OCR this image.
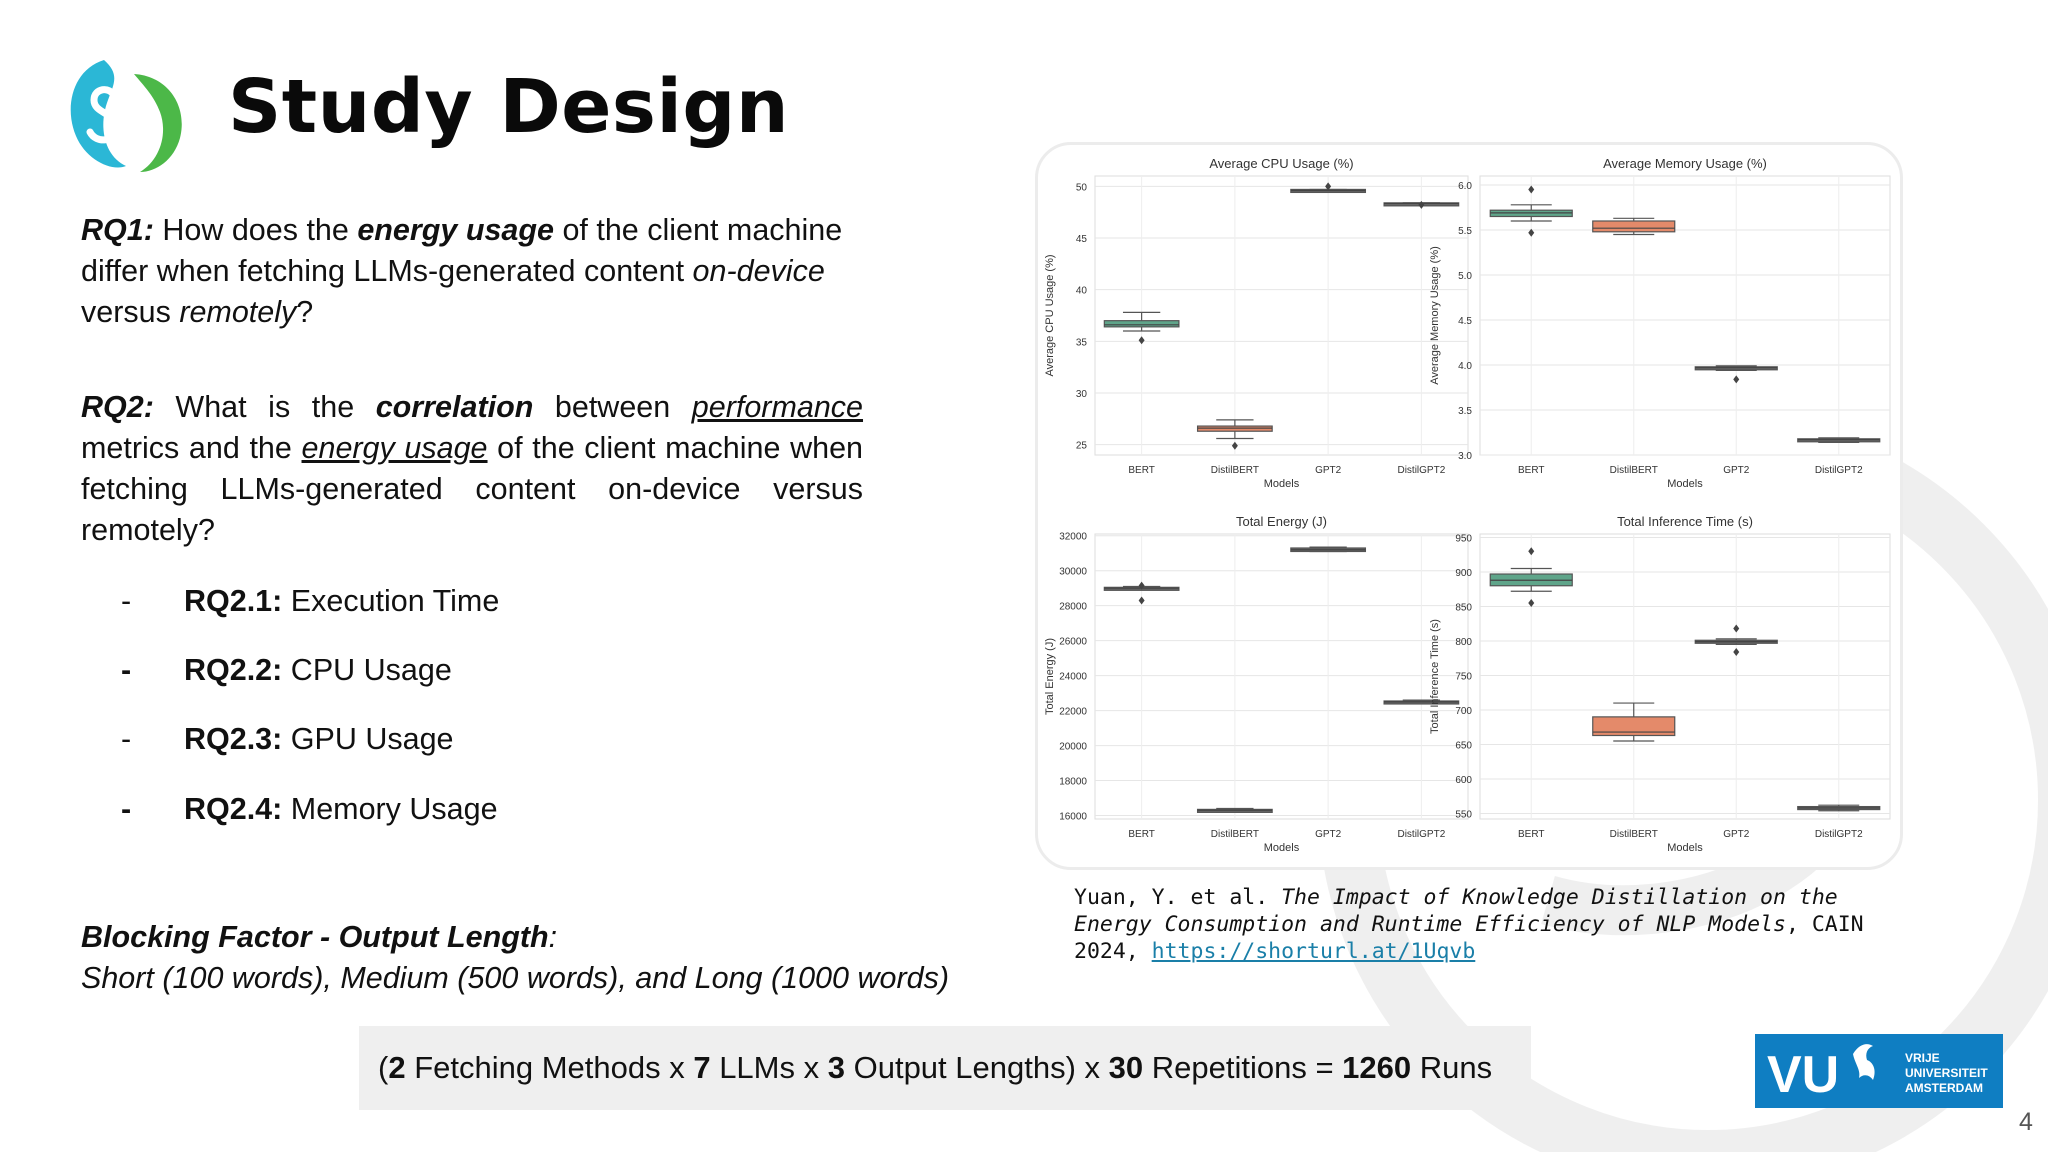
Study Design
RQ1: How does the energy usage of the client machine differ when fetching LLMs-generated content on-device versus remotely?
RQ2: What is the correlation between performance metrics and the energy usage of the client machine when fetching LLMs-generated content on-device versus remotely?
- RQ2.1: Execution Time
- RQ2.2: CPU Usage
- RQ2.3: GPU Usage
- RQ2.4: Memory Usage
Blocking Factor - Output Length:
Short (100 words), Medium (500 words), and Long (1000 words)
Average CPU Usage (%)
25
30
35
40
45
50
BERT	DistilBERT	GPT2	DistilGPT2
Models
Average CPU Usage (%)
Average Memory Usage (%)
3.0
3.5
4.0
4.5
5.0
5.5
6.0
BERT	DistilBERT	GPT2	DistilGPT2
Models
Average Memory Usage (%)
Total Energy (J)
16000
18000
20000
22000
24000
26000
28000
30000
32000
BERT	DistilBERT	GPT2	DistilGPT2
Models
Total Energy (J)
Total Inference Time (s)
550
600
650
700
750
800
850
900
950
BERT	DistilBERT	GPT2	DistilGPT2
Models
Total Inference Time (s)
Yuan, Y. et al. The Impact of Knowledge Distillation on the Energy Consumption and Runtime Efficiency of NLP Models, CAIN 2024, https://shorturl.at/1Uqvb
(2 Fetching Methods x 7 LLMs x 3 Output Lengths) x 30 Repetitions = 1260 Runs	VU	VRIJE
UNIVERSITEIT
AMSTERDAM
4
